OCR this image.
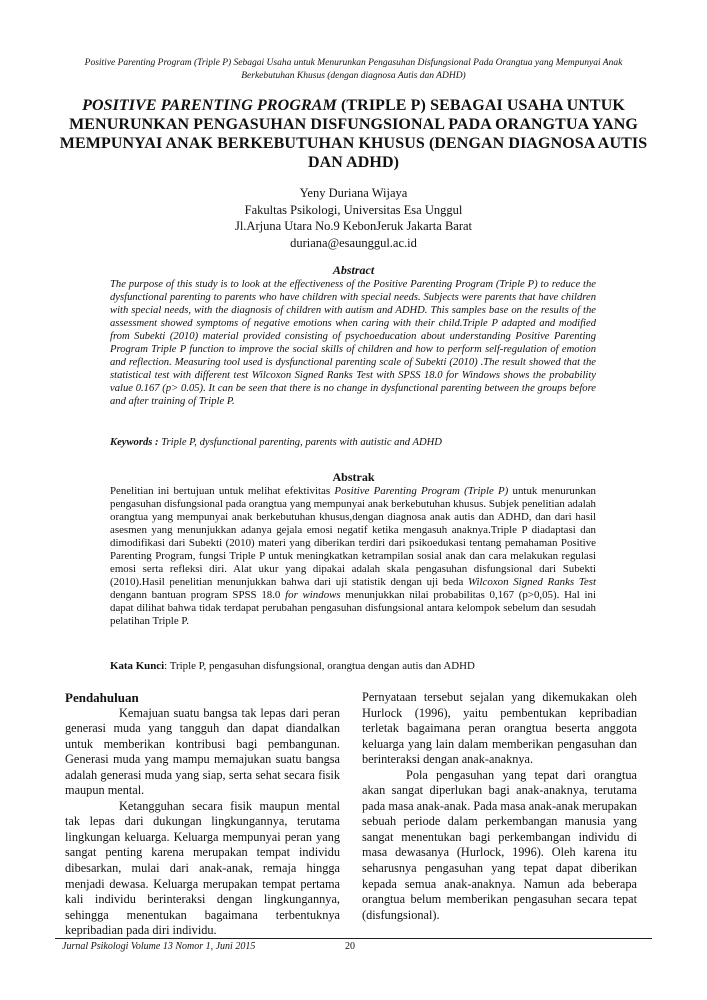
Positive Parenting Program (Triple P) Sebagai Usaha untuk Menurunkan Pengasuhan Disfungsional Pada Orangtua yang Mempunyai Anak Berkebutuhan Khusus (dengan diagnosa Autis dan ADHD)
POSITIVE PARENTING PROGRAM (TRIPLE P) SEBAGAI USAHA UNTUK MENURUNKAN PENGASUHAN DISFUNGSIONAL PADA ORANGTUA YANG MEMPUNYAI ANAK BERKEBUTUHAN KHUSUS (DENGAN DIAGNOSA AUTIS DAN ADHD)
Yeny Duriana Wijaya
Fakultas Psikologi, Universitas Esa Unggul
Jl.Arjuna Utara No.9 KebonJeruk Jakarta Barat
duriana@esaunggul.ac.id
Abstract
The purpose of this study is to look at the effectiveness of the Positive Parenting Program (Triple P) to reduce the dysfunctional parenting to parents who have children with special needs. Subjects were parents that have children with special needs, with the diagnosis of children with autism and ADHD. This samples base on the results of the assessment showed symptoms of negative emotions when caring with their child.Triple P adapted and modified from Subekti (2010) material provided consisting of psychoeducation about understanding Positive Parenting Program Triple P function to improve the social skills of children and how to perform self-regulation of emotion and reflection. Measuring tool used is dysfunctional parenting scale of Subekti (2010) .The result showed that the statistical test with different test Wilcoxon Signed Ranks Test with SPSS 18.0 for Windows shows the probability value 0.167 (p> 0.05). It can be seen that there is no change in dysfunctional parenting between the groups before and after training of Triple P.
Keywords : Triple P, dysfunctional parenting, parents with autistic and ADHD
Abstrak
Penelitian ini bertujuan untuk melihat efektivitas Positive Parenting Program (Triple P) untuk menurunkan pengasuhan disfungsional pada orangtua yang mempunyai anak berkebutuhan khusus. Subjek penelitian adalah orangtua yang mempunyai anak berkebutuhan khusus,dengan diagnosa anak autis dan ADHD, dan dari hasil asesmen yang menunjukkan adanya gejala emosi negatif ketika mengasuh anaknya.Triple P diadaptasi dan dimodifikasi dari Subekti (2010) materi yang diberikan terdiri dari psikoedukasi tentang pemahaman Positive Parenting Program, fungsi Triple P untuk meningkatkan ketrampilan sosial anak dan cara melakukan regulasi emosi serta refleksi diri. Alat ukur yang dipakai adalah skala pengasuhan disfungsional dari Subekti (2010).Hasil penelitian menunjukkan bahwa dari uji statistik dengan uji beda Wilcoxon Signed Ranks Test dengann bantuan program SPSS 18.0 for windows menunjukkan nilai probabilitas 0,167 (p>0,05). Hal ini dapat dilihat bahwa tidak terdapat perubahan pengasuhan disfungsional antara kelompok sebelum dan sesudah pelatihan Triple P.
Kata Kunci: Triple P, pengasuhan disfungsional, orangtua dengan autis dan ADHD
Pendahuluan

Kemajuan suatu bangsa tak lepas dari peran generasi muda yang tangguh dan dapat diandalkan untuk memberikan kontribusi bagi pembangunan. Generasi muda yang mampu memajukan suatu bangsa adalah generasi muda yang siap, serta sehat secara fisik maupun mental.

Ketangguhan secara fisik maupun mental tak lepas dari dukungan lingkungannya, terutama lingkungan keluarga. Keluarga mempunyai peran yang sangat penting karena merupakan tempat individu dibesarkan, mulai dari anak-anak, remaja hingga menjadi dewasa. Keluarga merupakan tempat pertama kali individu berinteraksi dengan lingkungannya, sehingga menentukan bagaimana terbentuknya kepribadian pada diri individu.

Pernyataan tersebut sejalan yang dikemukakan oleh Hurlock (1996), yaitu pembentukan kepribadian terletak bagaimana peran orangtua beserta anggota keluarga yang lain dalam memberikan pengasuhan dan berinteraksi dengan anak-anaknya.

Pola pengasuhan yang tepat dari orangtua akan sangat diperlukan bagi anak-anaknya, terutama pada masa anak-anak. Pada masa anak-anak merupakan sebuah periode dalam perkembangan manusia yang sangat menentukan bagi perkembangan individu di masa dewasanya (Hurlock, 1996). Oleh karena itu seharusnya pengasuhan yang tepat dapat diberikan kepada semua anak-anaknya. Namun ada beberapa orangtua belum memberikan pengasuhan secara tepat (disfungsional).

Jurnal Psikologi Volume 13 Nomor 1, Juni 2015	20
